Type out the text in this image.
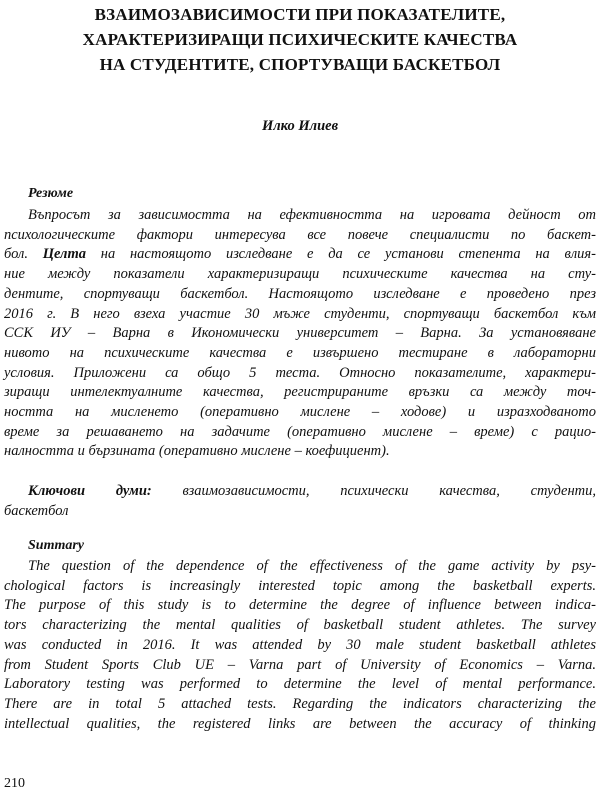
ВЗАИМОЗАВИСИМОСТИ ПРИ ПОКАЗАТЕЛИТЕ,
ХАРАКТЕРИЗИРАЩИ ПСИХИЧЕСКИТЕ КАЧЕСТВА
НА СТУДЕНТИТЕ, СПОРТУВАЩИ БАСКЕТБОЛ
Илко Илиев
Резюме
Въпросът за зависимостта на ефективността на игровата дейност от
психологическите фактори интересува все повече специалисти по баскет-
бол. Целта на настоящото изследване е да се установи степента на влия-
ние между показатели характеризиращи психическите качества на сту-
дентите, спортуващи баскетбол. Настоящото изследване е проведено през
2016 г. В него взеха участие 30 мъже студенти, спортуващи баскетбол към
ССК ИУ – Варна в Икономически университет – Варна. За установяване
нивото на психическите качества е извършено тестиране в лабораторни
условия. Приложени са общо 5 теста. Относно показателите, характери-
зиращи интелектуалните качества, регистрираните връзки са между точ-
ността на мисленето (оперативно мислене – ходове) и изразходваното
време за решаването на задачите (оперативно мислене – време) с рацио-
налността и бързината (оперативно мислене – коефициент).
Ключови думи: взаимозависимости, психически качества, студенти,
баскетбол
Summary
The question of the dependence of the effectiveness of the game activity by psy-
chological factors is increasingly interested topic among the basketball experts.
The purpose of this study is to determine the degree of influence between indica-
tors characterizing the mental qualities of basketball student athletes. The survey
was conducted in 2016. It was attended by 30 male student basketball athletes
from Student Sports Club UE – Varna part of University of Economics – Varna.
Laboratory testing was performed to determine the level of mental performance.
There are in total 5 attached tests. Regarding the indicators characterizing the
intellectual qualities, the registered links are between the accuracy of thinking
210
